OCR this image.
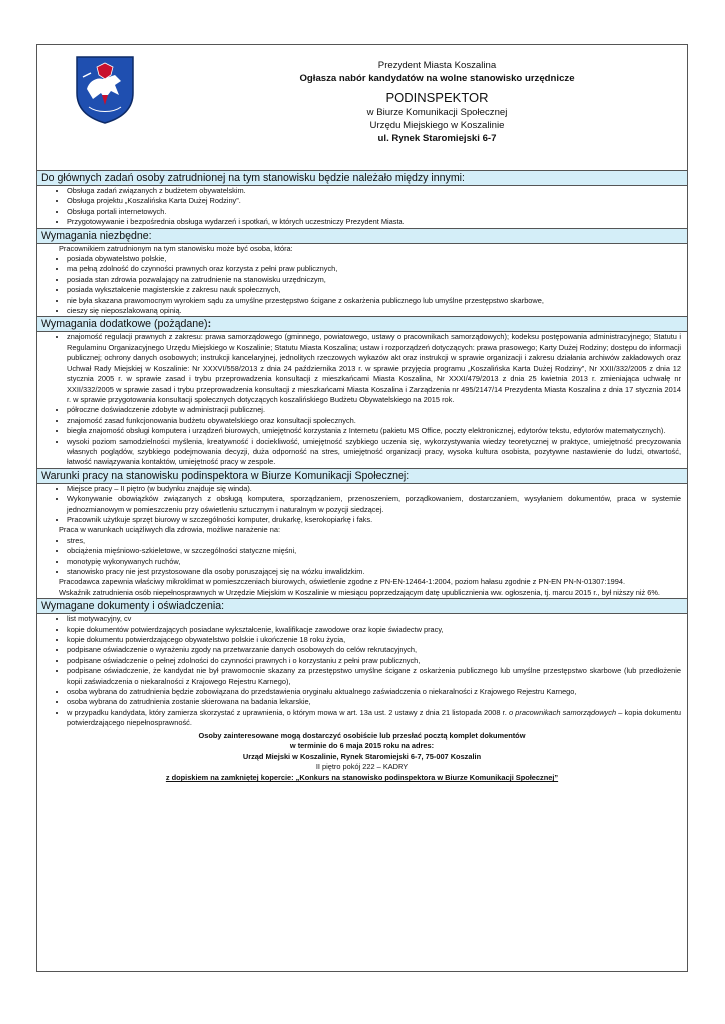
Prezydent Miasta Koszalina
Ogłasza nabór kandydatów na wolne stanowisko urzędnicze
PODINSPEKTOR
w Biurze Komunikacji Społecznej
Urzędu Miejskiego w Koszalinie
ul. Rynek Staromiejski 6-7
Do głównych zadań osoby zatrudnionej na tym stanowisku będzie należało między innymi:
• Obsługa zadań związanych z budżetem obywatelskim.
• Obsługa projektu „Koszalińska Karta Dużej Rodziny”.
• Obsługa portali internetowych.
• Przygotowywanie i bezpośrednia obsługa wydarzeń i spotkań, w których uczestniczy Prezydent Miasta.
Wymagania niezbędne:
Pracownikiem zatrudnionym na tym stanowisku może być osoba, która:
• posiada obywatelstwo polskie,
• ma pełną zdolność do czynności prawnych oraz korzysta z pełni praw publicznych,
• posiada stan zdrowia pozwalający na zatrudnienie na stanowisku urzędniczym,
• posiada wykształcenie magisterskie z zakresu nauk społecznych,
• nie była skazana prawomocnym wyrokiem sądu za umyślne przestępstwo ścigane z oskarżenia publicznego lub umyślne przestępstwo skarbowe,
• cieszy się nieposzlakowaną opinią.
Wymagania dodatkowe (pożądane):
• znajomość regulacji prawnych z zakresu: prawa samorządowego (gminnego, powiatowego, ustawy o pracownikach samorządowych); kodeksu postępowania administracyjnego; Statutu i Regulaminu Organizacyjnego Urzędu Miejskiego w Koszalinie; Statutu Miasta Koszalina; ustaw i rozporządzeń dotyczących: prawa prasowego; Karty Dużej Rodziny; dostępu do informacji publicznej; ochrony danych osobowych; instrukcji kancelaryjnej, jednolitych rzeczowych wykazów akt oraz instrukcji w sprawie organizacji i zakresu działania archiwów zakładowych oraz Uchwał Rady Miejskiej w Koszalinie: Nr XXXVI/558/2013 z dnia 24 października 2013 r. w sprawie przyjęcia programu „Koszalińska Karta Dużej Rodziny”, Nr XXII/332/2005 z dnia 12 stycznia 2005 r. w sprawie zasad i trybu przeprowadzenia konsultacji z mieszkańcami Miasta Koszalina, Nr XXXI/479/2013 z dnia 25 kwietnia 2013 r. zmieniająca uchwałę nr XXII/332/2005 w sprawie zasad i trybu przeprowadzenia konsultacji z mieszkańcami Miasta Koszalina i Zarządzenia nr 495/2147/14 Prezydenta Miasta Koszalina z dnia 17 stycznia 2014 r. w sprawie przygotowania konsultacji społecznych dotyczących koszalińskiego Budżetu Obywatelskiego na 2015 rok.
• półroczne doświadczenie zdobyte w administracji publicznej.
• znajomość zasad funkcjonowania budżetu obywatelskiego oraz konsultacji społecznych.
• biegła znajomość obsługi komputera i urządzeń biurowych, umiejętność korzystania z Internetu (pakietu MS Office, poczty elektronicznej, edytorów tekstu, edytorów matematycznych).
• wysoki poziom samodzielności myślenia, kreatywność i dociekliwość, umiejętność szybkiego uczenia się, wykorzystywania wiedzy teoretycznej w praktyce, umiejętność precyzowania własnych poglądów, szybkiego podejmowania decyzji, duża odporność na stres, umiejętność organizacji pracy, wysoka kultura osobista, pozytywne nastawienie do ludzi, otwartość, łatwość nawiązywania kontaktów, umiejętność pracy w zespole.
Warunki pracy na stanowisku podinspektora w Biurze Komunikacji Społecznej:
• Miejsce pracy – II piętro (w budynku znajduje się winda).
• Wykonywanie obowiązków związanych z obsługą komputera, sporządzaniem, przenoszeniem, porządkowaniem, dostarczaniem, wysyłaniem dokumentów, praca w systemie jednozmianowym w pomieszczeniu przy oświetleniu sztucznym i naturalnym w pozycji siedzącej.
• Pracownik użytkuje sprzęt biurowy w szczególności komputer, drukarkę, kserokopiarkę i faks.
Praca w warunkach uciążliwych dla zdrowia, możliwe narażenie na:
• stres,
• obciążenia mięśniowo-szkieletowe, w szczególności statyczne mięśni,
• monotypię wykonywanych ruchów,
• stanowisko pracy nie jest przystosowane dla osoby poruszającej się na wózku inwalidzkim.
Pracodawca zapewnia właściwy mikroklimat w pomieszczeniach biurowych, oświetlenie zgodne z PN-EN-12464-1:2004, poziom hałasu zgodnie z PN-EN PN-N-01307:1994.
Wskaźnik zatrudnienia osób niepełnosprawnych w Urzędzie Miejskim w Koszalinie w miesiącu poprzedzającym datę upublicznienia ww. ogłoszenia, tj. marcu 2015 r., był niższy niż 6%.
Wymagane dokumenty i oświadczenia:
• list motywacyjny, cv
• kopie dokumentów potwierdzających posiadane wykształcenie, kwalifikacje zawodowe oraz kopie świadectw pracy,
• kopie dokumentu potwierdzającego obywatelstwo polskie i ukończenie 18 roku życia,
• podpisane oświadczenie o wyrażeniu zgody na przetwarzanie danych osobowych do celów rekrutacyjnych,
• podpisane oświadczenie o pełnej zdolności do czynności prawnych i o korzystaniu z pełni praw publicznych,
• podpisane oświadczenie, że kandydat nie był prawomocnie skazany za przestępstwo umyślne ścigane z oskarżenia publicznego lub umyślne przestępstwo skarbowe (lub przedłożenie kopii zaświadczenia o niekaralności z Krajowego Rejestru Karnego),
• osoba wybrana do zatrudnienia będzie zobowiązana do przedstawienia oryginału aktualnego zaświadczenia o niekaralności z Krajowego Rejestru Karnego,
• osoba wybrana do zatrudnienia zostanie skierowana na badania lekarskie,
• w przypadku kandydata, który zamierza skorzystać z uprawnienia, o którym mowa w art. 13a ust. 2 ustawy z dnia 21 listopada 2008 r. o pracownikach samorządowych – kopia dokumentu potwierdzającego niepełnosprawność.
Osoby zainteresowane mogą dostarczyć osobiście lub przesłać pocztą komplet dokumentów
w terminie do 6 maja 2015 roku na adres:
Urząd Miejski w Koszalinie, Rynek Staromiejski 6-7, 75-007 Koszalin
II piętro pokój 222 – KADRY
z dopiskiem na zamkniętej kopercie: „Konkurs na stanowisko podinspektora w Biurze Komunikacji Społecznej”
